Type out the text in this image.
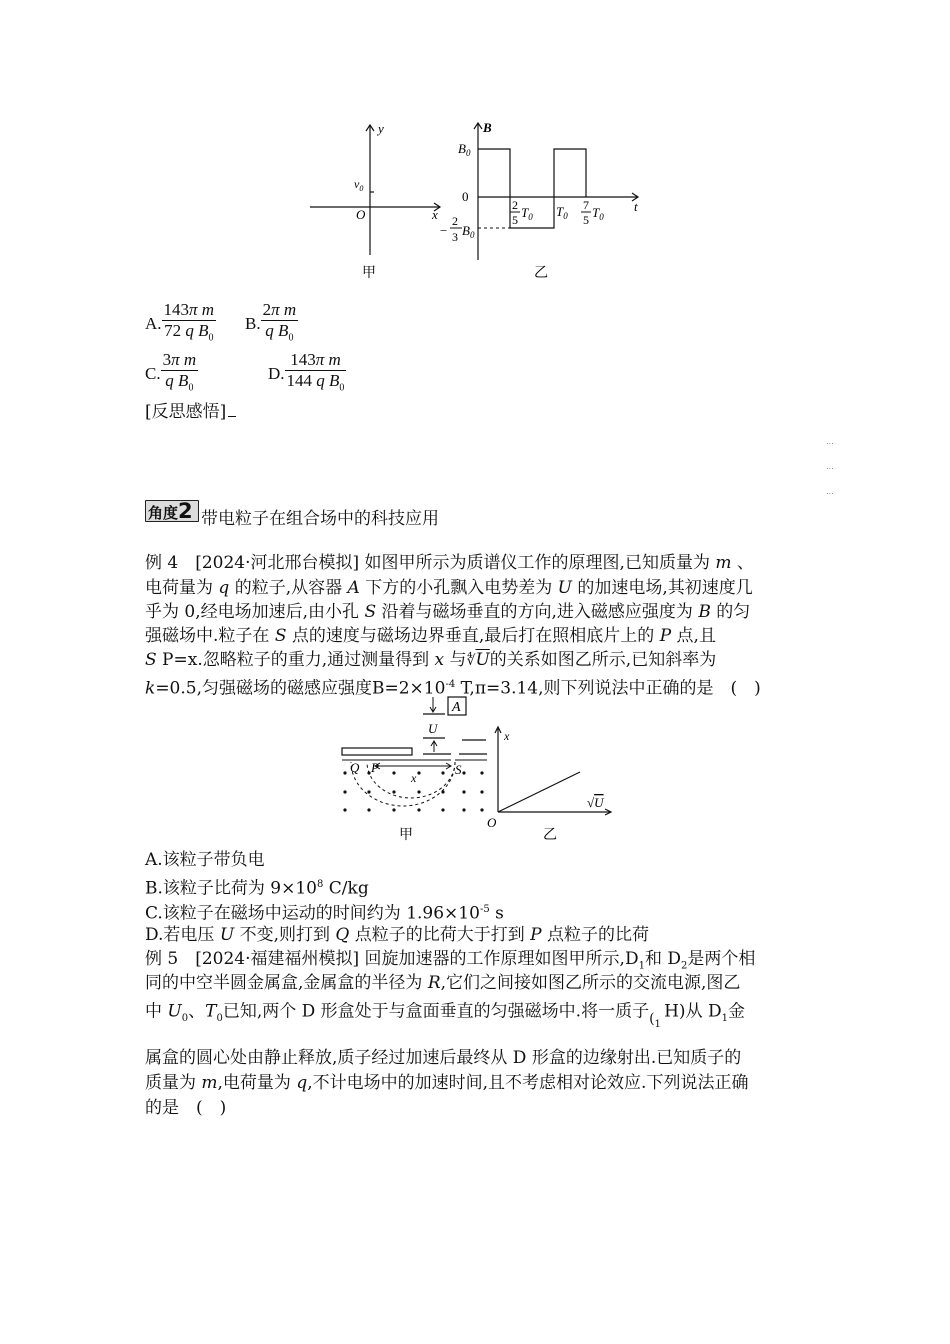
y
$v_0$
O	x
甲
B
$B_0$
0
−
2
3 $B_0$
2
5 $T_0$ $T_0$
7
5 $T_0$
t
乙
A. $\frac{\text{143π m}}{72 q B_0} B$. $\frac{\text{2π m}}{q B_0}$
C. $\frac{\text{3π m}}{q B_0}$	D. $\frac{\text{143π m}}{144 q B_0}$
[反思感悟]
...
...
...
角度2 带电粒子在组合场中的科技应用
例 4　[2024·河北邢台模拟] 如图甲所示为质谱仪工作的原理图,已知质量为 m 、
电荷量为 q 的粒子,从容器 A 下方的小孔飘入电势差为 U 的加速电场,其初速度几
乎为 0,经电场加速后,由小孔 S 沿着与磁场垂直的方向,进入磁感应强度为 B 的匀
强磁场中.粒子在 S 点的速度与磁场边界垂直,最后打在照相底片上的 P 点,且
S P=x.忽略粒子的重力,通过测量得到 x 与$∜\overline{U}$的关系如图乙所示,已知斜率为
k=0.5,匀强磁场的磁感应强度$B=2\times 10^{-4}$ T,π=3.14,则下列说法中正确的是　(　)
A
U
Q P
x
S
甲
x
√U
O
乙
A.该粒子带负电
B.该粒子比荷为 $9\times 10^8$ C/kg
C.该粒子在磁场中运动的时间约为 $1.96\times 10^{-5}$ s
D.若电压 U 不变,则打到 Q 点粒子的比荷大于打到 P 点粒子的比荷
例 5　[2024·福建福州模拟] 回旋加速器的工作原理如图甲所示$,D_1$和 $D_2$是两个相
同的中空半圆金属盒,金属盒的半径为 R,它们之间接如图乙所示的交流电源,图乙
中 $U_0$、$T_0$已知,两个 D 形盒处于与盒面垂直的匀强磁场中.将一质子$_{(_1}$ H)从 $D_1$金
属盒的圆心处由静止释放,质子经过加速后最终从 D 形盒的边缘射出.已知质子的
质量为 m,电荷量为 q,不计电场中的加速时间,且不考虑相对论效应.下列说法正确
的是　(　)
